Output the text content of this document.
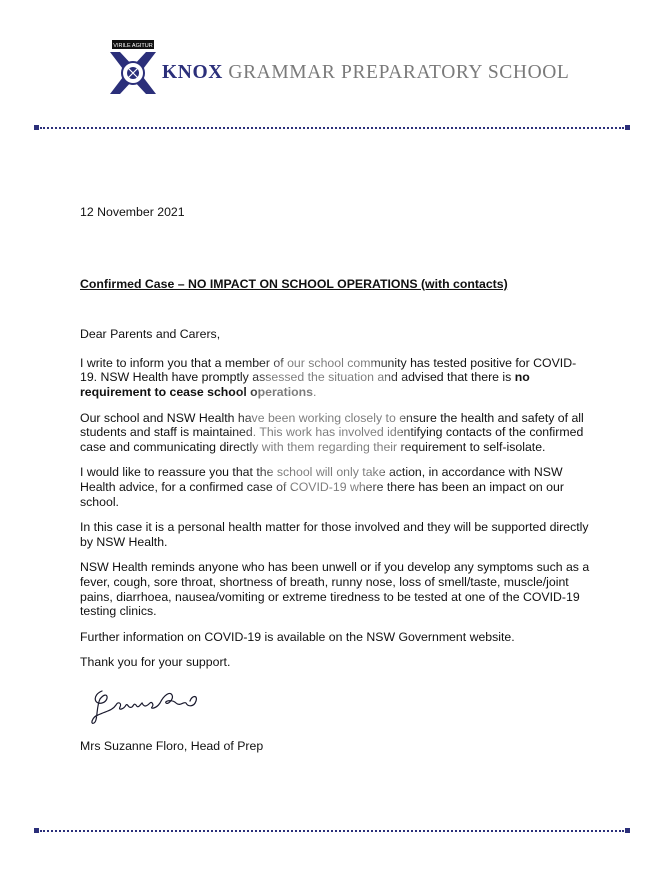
VIRILE AGITUR
KNOX GRAMMAR PREPARATORY SCHOOL

12 November 2021

Confirmed Case – NO IMPACT ON SCHOOL OPERATIONS (with contacts)

Dear Parents and Carers,

I write to inform you that a member of our school community has tested positive for COVID-19. NSW Health have promptly assessed the situation and advised that there is no requirement to cease school operations.

Our school and NSW Health have been working closely to ensure the health and safety of all students and staff is maintained. This work has involved identifying contacts of the confirmed case and communicating directly with them regarding their requirement to self-isolate.

I would like to reassure you that the school will only take action, in accordance with NSW Health advice, for a confirmed case of COVID-19 where there has been an impact on our school.

In this case it is a personal health matter for those involved and they will be supported directly by NSW Health.

NSW Health reminds anyone who has been unwell or if you develop any symptoms such as a fever, cough, sore throat, shortness of breath, runny nose, loss of smell/taste, muscle/joint pains, diarrhoea, nausea/vomiting or extreme tiredness to be tested at one of the COVID-19 testing clinics.

Further information on COVID-19 is available on the NSW Government website.

Thank you for your support.

Mrs Suzanne Floro, Head of Prep
